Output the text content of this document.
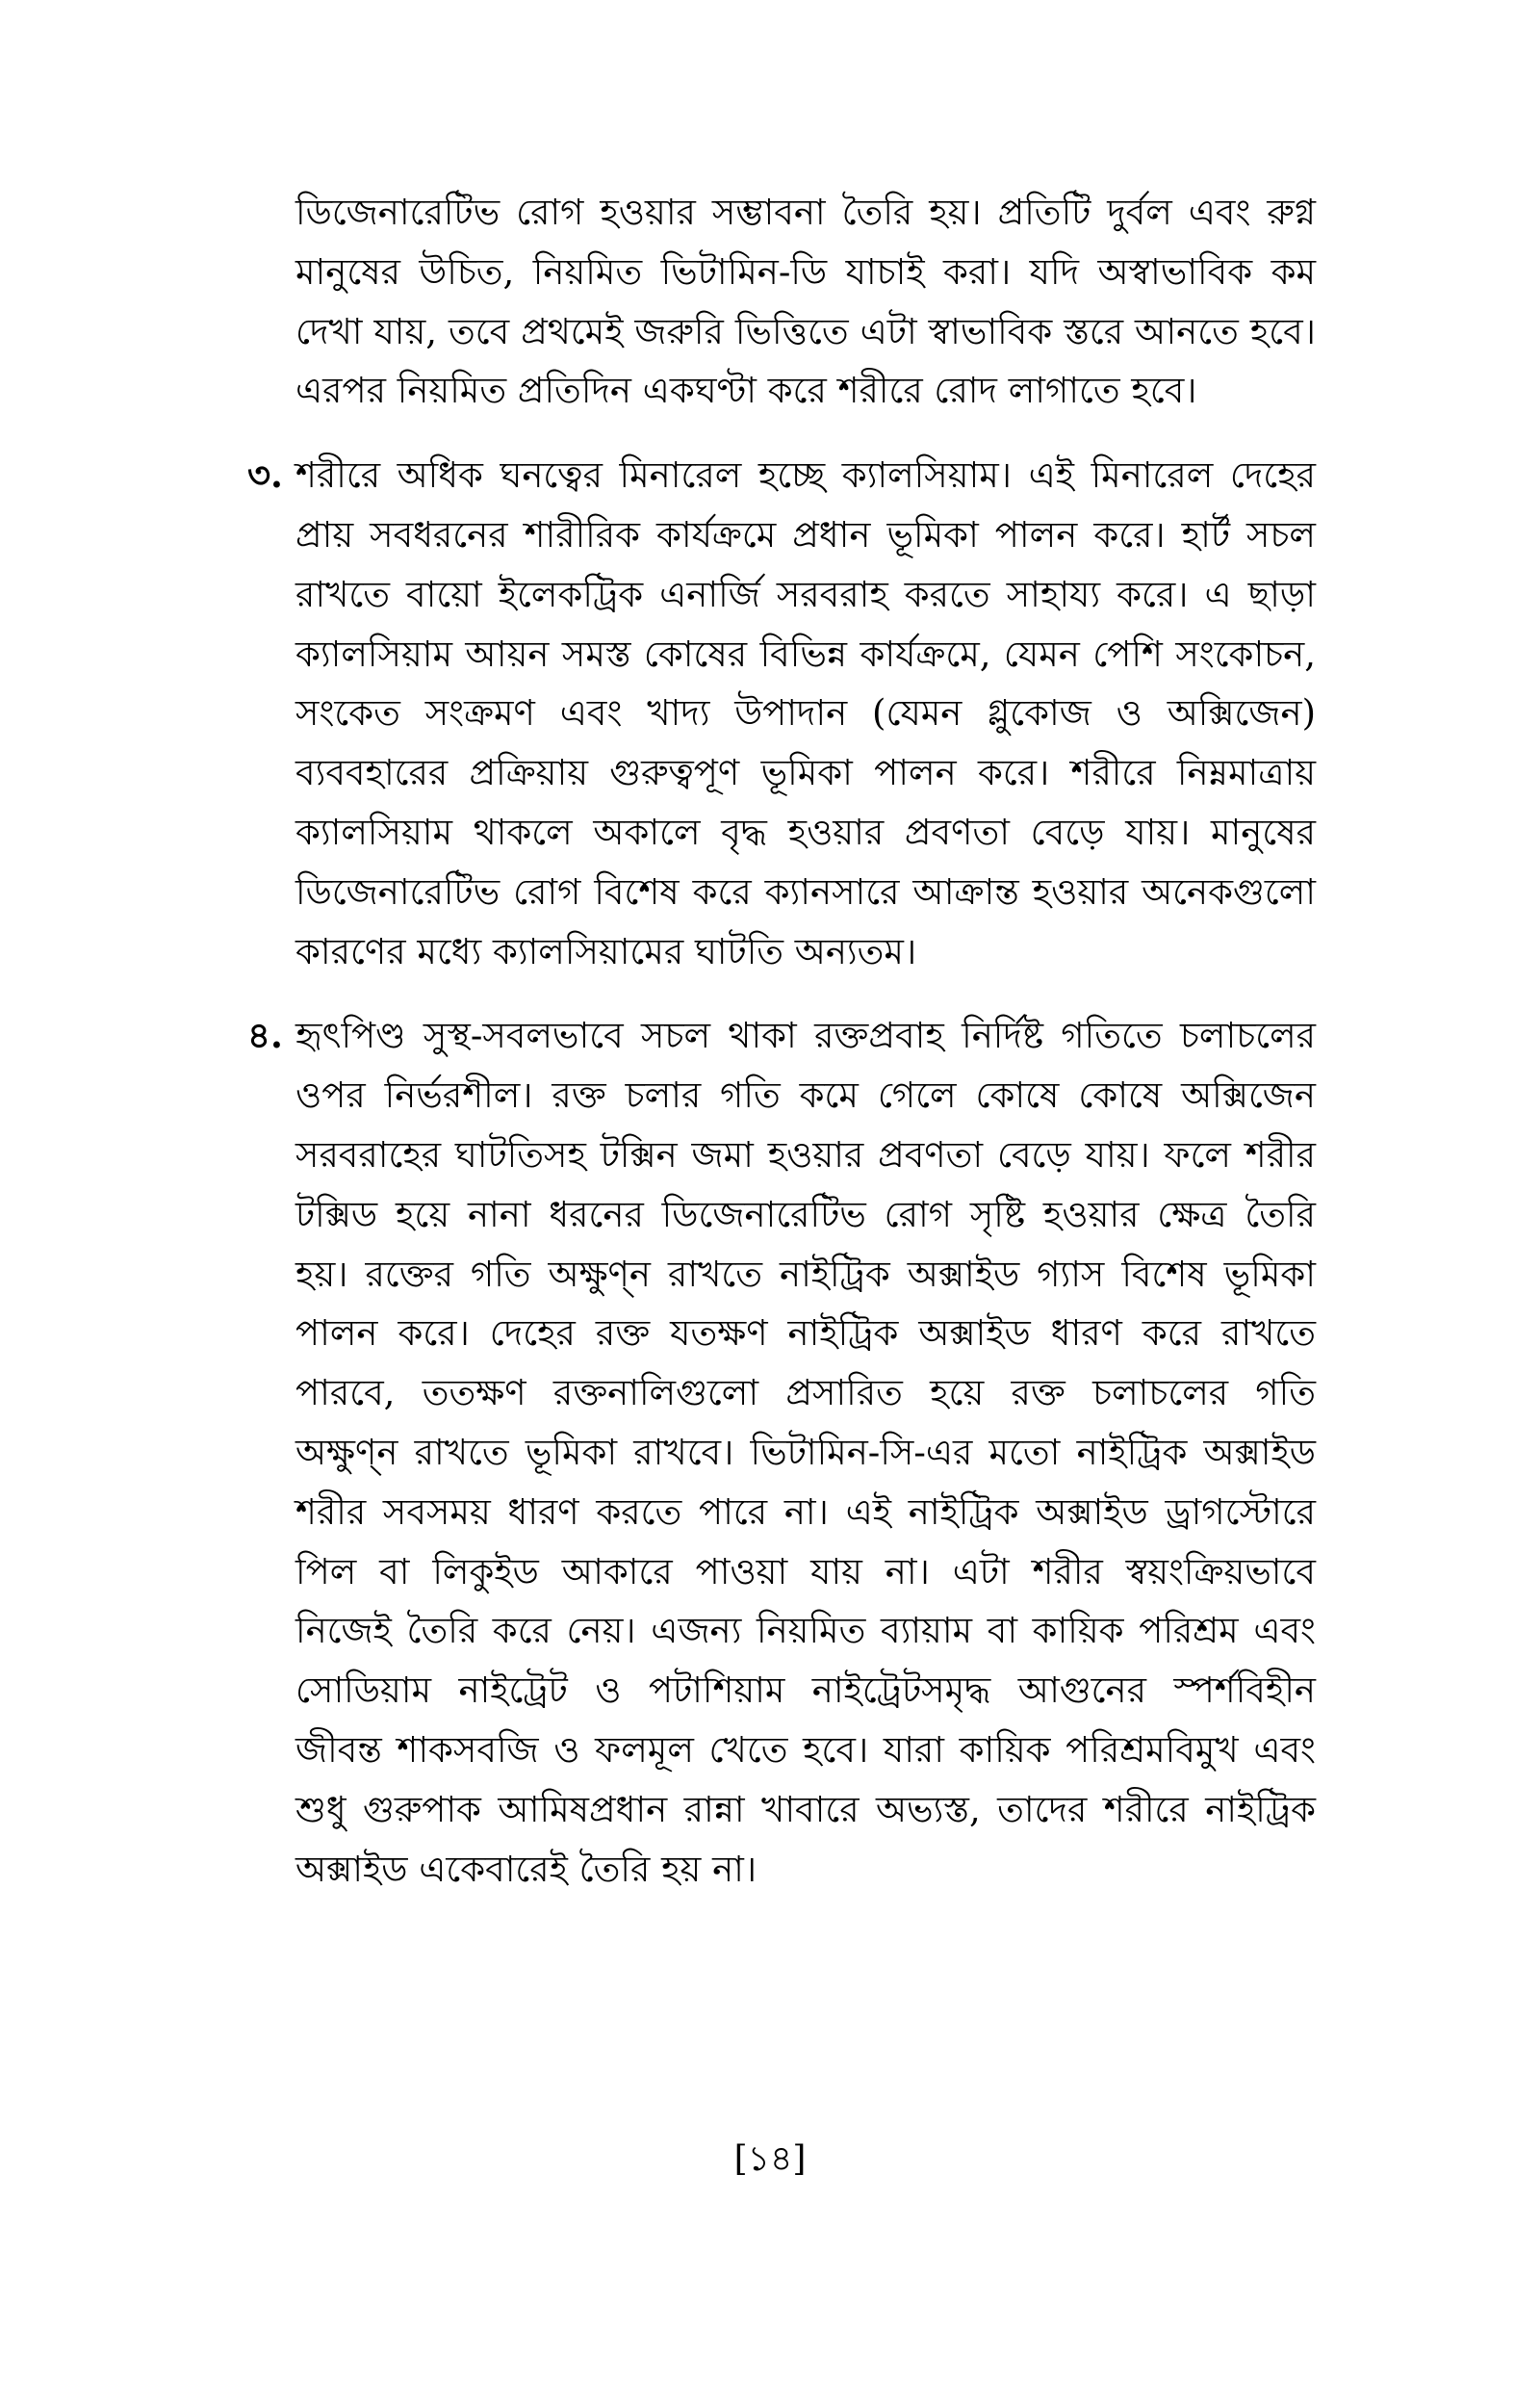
ডিজেনারেটিভ রোগ হওয়ার সম্ভাবনা তৈরি হয়। প্রতিটি দুর্বল এবং রুগ্ন মানুষের উচিত, নিয়মিত ভিটামিন-ডি যাচাই করা। যদি অস্বাভাবিক কম দেখা যায়, তবে প্রথমেই জরুরি ভিত্তিতে এটা স্বাভাবিক স্তরে আনতে হবে। এরপর নিয়মিত প্রতিদিন একঘণ্টা করে শরীরে রোদ লাগাতে হবে।

৩. শরীরে অধিক ঘনত্বের মিনারেল হচ্ছে ক্যালসিয়াম। এই মিনারেল দেহের প্রায় সবধরনের শারীরিক কার্যক্রমে প্রধান ভূমিকা পালন করে। হার্ট সচল রাখতে বায়ো ইলেকট্রিক এনার্জি সরবরাহ করতে সাহায্য করে। এ ছাড়া ক্যালসিয়াম আয়ন সমস্ত কোষের বিভিন্ন কার্যক্রমে, যেমন পেশি সংকোচন, সংকেত সংক্রমণ এবং খাদ্য উপাদান (যেমন গ্লুকোজ ও অক্সিজেন) ব্যববহারের প্রক্রিয়ায় গুরুত্বপূণ ভূমিকা পালন করে। শরীরে নিম্নমাত্রায় ক্যালসিয়াম থাকলে অকালে বৃদ্ধ হওয়ার প্রবণতা বেড়ে যায়। মানুষের ডিজেনারেটিভ রোগ বিশেষ করে ক্যানসারে আক্রান্ত হওয়ার অনেকগুলো কারণের মধ্যে ক্যালসিয়ামের ঘাটতি অন্যতম।

৪. হৃৎপিণ্ড সুস্থ-সবলভাবে সচল থাকা রক্তপ্রবাহ নির্দিষ্ট গতিতে চলাচলের ওপর নির্ভরশীল। রক্ত চলার গতি কমে গেলে কোষে কোষে অক্সিজেন সরবরাহের ঘাটতিসহ টক্সিন জমা হওয়ার প্রবণতা বেড়ে যায়। ফলে শরীর টক্সিড হয়ে নানা ধরনের ডিজেনারেটিভ রোগ সৃষ্টি হওয়ার ক্ষেত্র তৈরি হয়। রক্তের গতি অক্ষুণ্ন রাখতে নাইট্রিক অক্সাইড গ্যাস বিশেষ ভূমিকা পালন করে। দেহের রক্ত যতক্ষণ নাইট্রিক অক্সাইড ধারণ করে রাখতে পারবে, ততক্ষণ রক্তনালিগুলো প্রসারিত হয়ে রক্ত চলাচলের গতি অক্ষুণ্ন রাখতে ভূমিকা রাখবে। ভিটামিন-সি-এর মতো নাইট্রিক অক্সাইড শরীর সবসময় ধারণ করতে পারে না। এই নাইট্রিক অক্সাইড ড্রাগস্টোরে পিল বা লিকুইড আকারে পাওয়া যায় না। এটা শরীর স্বয়ংক্রিয়ভাবে নিজেই তৈরি করে নেয়। এজন্য নিয়মিত ব্যায়াম বা কায়িক পরিশ্রম এবং সোডিয়াম নাইট্রেট ও পটাশিয়াম নাইট্রেটসমৃদ্ধ আগুনের স্পর্শবিহীন জীবন্ত শাকসবজি ও ফলমূল খেতে হবে। যারা কায়িক পরিশ্রমবিমুখ এবং শুধু গুরুপাক আমিষপ্রধান রান্না খাবারে অভ্যস্ত, তাদের শরীরে নাইট্রিক অক্সাইড একেবারেই তৈরি হয় না।

[১৪]
